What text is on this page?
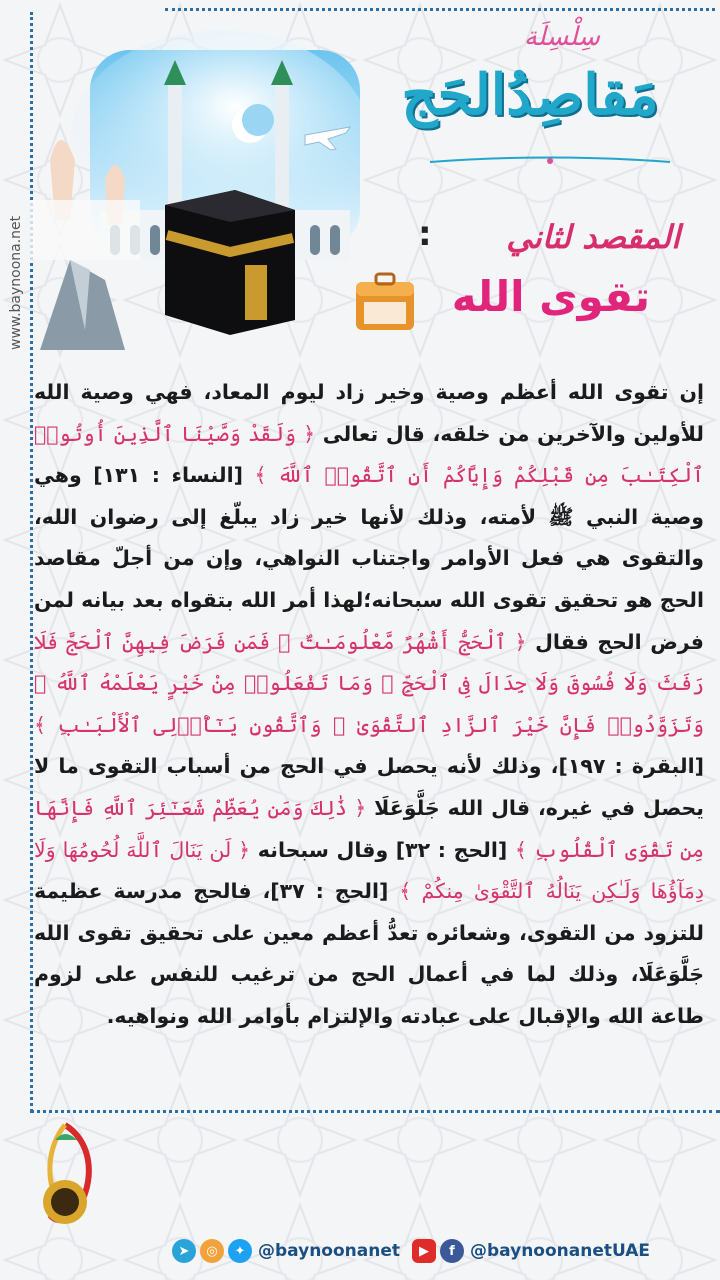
www.baynoona.net
سِلْسِلَة
مَقاصِدُالحَج
: المقصد لثاني
تقوى الله

إن تقوى الله أعظم وصية وخير زاد ليوم المعاد، فهي وصية الله للأولين والآخرين من خلقه، قال تعالى ﴿ وَلَقَدْ وَصَّيْنَا ٱلَّذِينَ أُوتُوا۟ ٱلْكِتَـٰبَ مِن قَبْلِكُمْ وَإِيَّاكُمْ أَنِ ٱتَّقُوا۟ ٱللَّهَ ﴾ [النساء : ١٣١] وهي وصية النبي ﷺ لأمته، وذلك لأنها خير زاد يبلّغ إلى رضوان الله، والتقوى هي فعل الأوامر واجتناب النواهي، وإن من أجلّ مقاصد الحج هو تحقيق تقوى الله سبحانه؛لهذا أمر الله بتقواه بعد بيانه لمن فرض الحج فقال ﴿ ٱلْحَجُّ أَشْهُرٌ مَّعْلُومَـٰتٌ ۚ فَمَن فَرَضَ فِيهِنَّ ٱلْحَجَّ فَلَا رَفَثَ وَلَا فُسُوقَ وَلَا جِدَالَ فِى ٱلْحَجِّ ۗ وَمَا تَفْعَلُوا۟ مِنْ خَيْرٍ يَعْلَمْهُ ٱللَّهُ ۗ وَتَزَوَّدُوا۟ فَإِنَّ خَيْرَ ٱلزَّادِ ٱلتَّقْوَىٰ ۚ وَٱتَّقُونِ يَـٰٓأُو۟لِى ٱلْأَلْبَـٰبِ ﴾ [البقرة : ١٩٧]، وذلك لأنه يحصل في الحج من أسباب التقوى ما لا يحصل في غيره، قال الله جَلَّوَعَلَا ﴿ ذَٰلِكَ وَمَن يُعَظِّمْ شَعَـٰٓئِرَ ٱللَّهِ فَإِنَّهَا مِن تَقْوَى ٱلْقُلُوبِ ﴾ [الحج : ٣٢] وقال سبحانه ﴿ لَن يَنَالَ ٱللَّهَ لُحُومُهَا وَلَا دِمَآؤُهَا وَلَـٰكِن يَنَالُهُ ٱلتَّقْوَىٰ مِنكُمْ ﴾ [الحج : ٣٧]، فالحج مدرسة عظيمة للتزود من التقوى، وشعائره تعدُّ أعظم معين على تحقيق تقوى الله جَلَّوَعَلَا، وذلك لما في أعمال الحج من ترغيب للنفس على لزوم طاعة الله والإقبال على عبادته والإلتزام بأوامر الله ونواهيه.

➤	◎	✦ @baynoonanet	▶	f @baynoonanetUAE
